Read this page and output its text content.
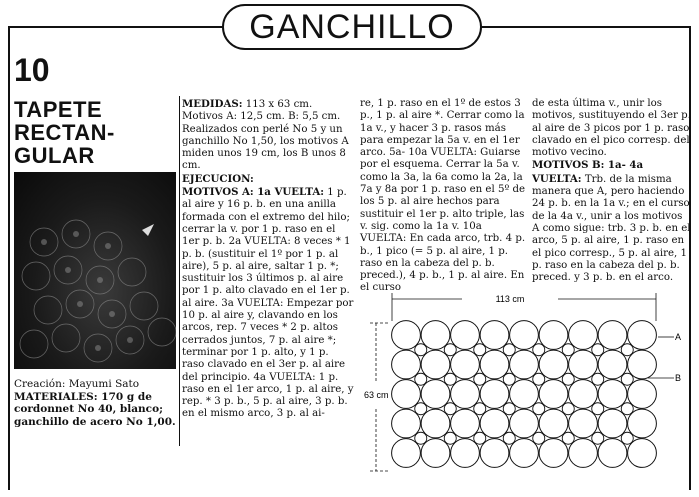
GANCHILLO
10
TAPETE
RECTAN-
GULAR
Creación: Mayumi Sato
MATERIALES: 170 g de cordonnet No 40, blanco; ganchillo de acero No 1,00.

MEDIDAS: 113 x 63 cm. Motivos A: 12,5 cm. B: 5,5 cm. Realizados con perlé No 5 y un ganchillo No 1,50, los motivos A miden unos 19 cm, los B unos 8 cm.

EJECUCION:

MOTIVOS A: 1a VUELTA: 1 p. al aire y 16 p. b. en una anilla formada con el extremo del hilo; cerrar la v. por 1 p. raso en el 1er p. b. 2a VUELTA: 8 veces * 1 p. b. (sustituir el 1º por 1 p. al aire), 5 p. al aire, saltar 1 p. *; sustituir los 3 últimos p. al aire por 1 p. alto clavado en el 1er p. al aire. 3a VUELTA: Empezar por 10 p. al aire y, clavando en los arcos, rep. 7 veces * 2 p. altos cerrados juntos, 7 p. al aire *; terminar por 1 p. alto, y 1 p. raso clavado en el 3er p. al aire del principio. 4a VUELTA: 1 p. raso en el 1er arco, 1 p. al aire, y rep. * 3 p. b., 5 p. al aire, 3 p. b. en el mismo arco, 3 p. al ai-

re, 1 p. raso en el 1º de estos 3 p., 1 p. al aire *. Cerrar como la 1a v., y hacer 3 p. rasos más para empezar la 5a v. en el 1er arco. 5a- 10a VUELTA: Guiarse por el esquema. Cerrar la 5a v. como la 3a, la 6a como la 2a, la 7a y 8a por 1 p. raso en el 5º de los 5 p. al aire hechos para sustituir el 1er p. alto triple, las v. sig. como la 1a v. 10a VUELTA: En cada arco, trb. 4 p. b., 1 pico (= 5 p. al aire, 1 p. raso en la cabeza del p. b. preced.), 4 p. b., 1 p. al aire. En el curso

de esta última v., unir los motivos, sustituyendo el 3er p. al aire de 3 picos por 1 p. raso clavado en el pico corresp. del motivo vecino.

MOTIVOS B: 1a- 4a VUELTA: Trb. de la misma manera que A, pero haciendo 24 p. b. en la 1a v.; en el curso de la 4a v., unir a los motivos A como sigue: trb. 3 p. b. en el arco, 5 p. al aire, 1 p. raso en el pico corresp., 5 p. al aire, 1 p. raso en la cabeza del p. b. preced. y 3 p. b. en el arco.

113 cm
63 cm
A
B
